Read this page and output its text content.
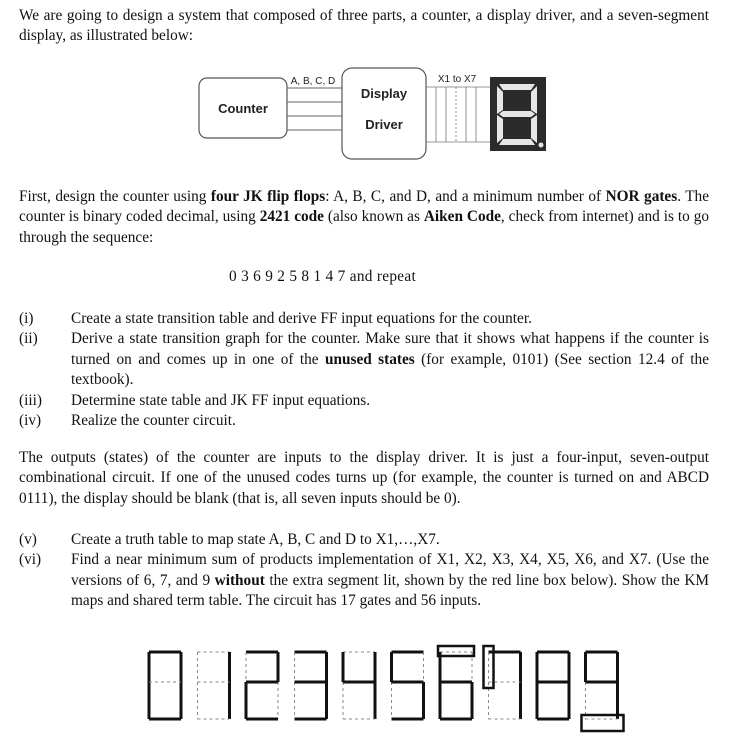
We are going to design a system that composed of three parts, a counter, a display driver, and a seven-segment display, as illustrated below:

Counter
A, B, C, D
Display
Driver
X1 to X7

First, design the counter using four JK flip flops: A, B, C, and D, and a minimum number of NOR gates. The counter is binary coded decimal, using 2421 code (also known as Aiken Code, check from internet) and is to go through the sequence:

0 3 6 9 2 5 8 1 4 7 and repeat
(i) Create a state transition table and derive FF input equations for the counter.
(ii) Derive a state transition graph for the counter. Make sure that it shows what happens if the counter is turned on and comes up in one of the unused states (for example, 0101) (See section 12.4 of the textbook).
(iii) Determine state table and JK FF input equations.
(iv) Realize the counter circuit.

The outputs (states) of the counter are inputs to the display driver. It is just a four-input, seven-output combinational circuit. If one of the unused codes turns up (for example, the counter is turned on and ABCD 0111), the display should be blank (that is, all seven inputs should be 0).

(v) Create a truth table to map state A, B, C and D to X1,…,X7.
(vi) Find a near minimum sum of products implementation of X1, X2, X3, X4, X5, X6, and X7. (Use the versions of 6, 7, and 9 without the extra segment lit, shown by the red line box below). Show the KM maps and shared term table. The circuit has 17 gates and 56 inputs.
